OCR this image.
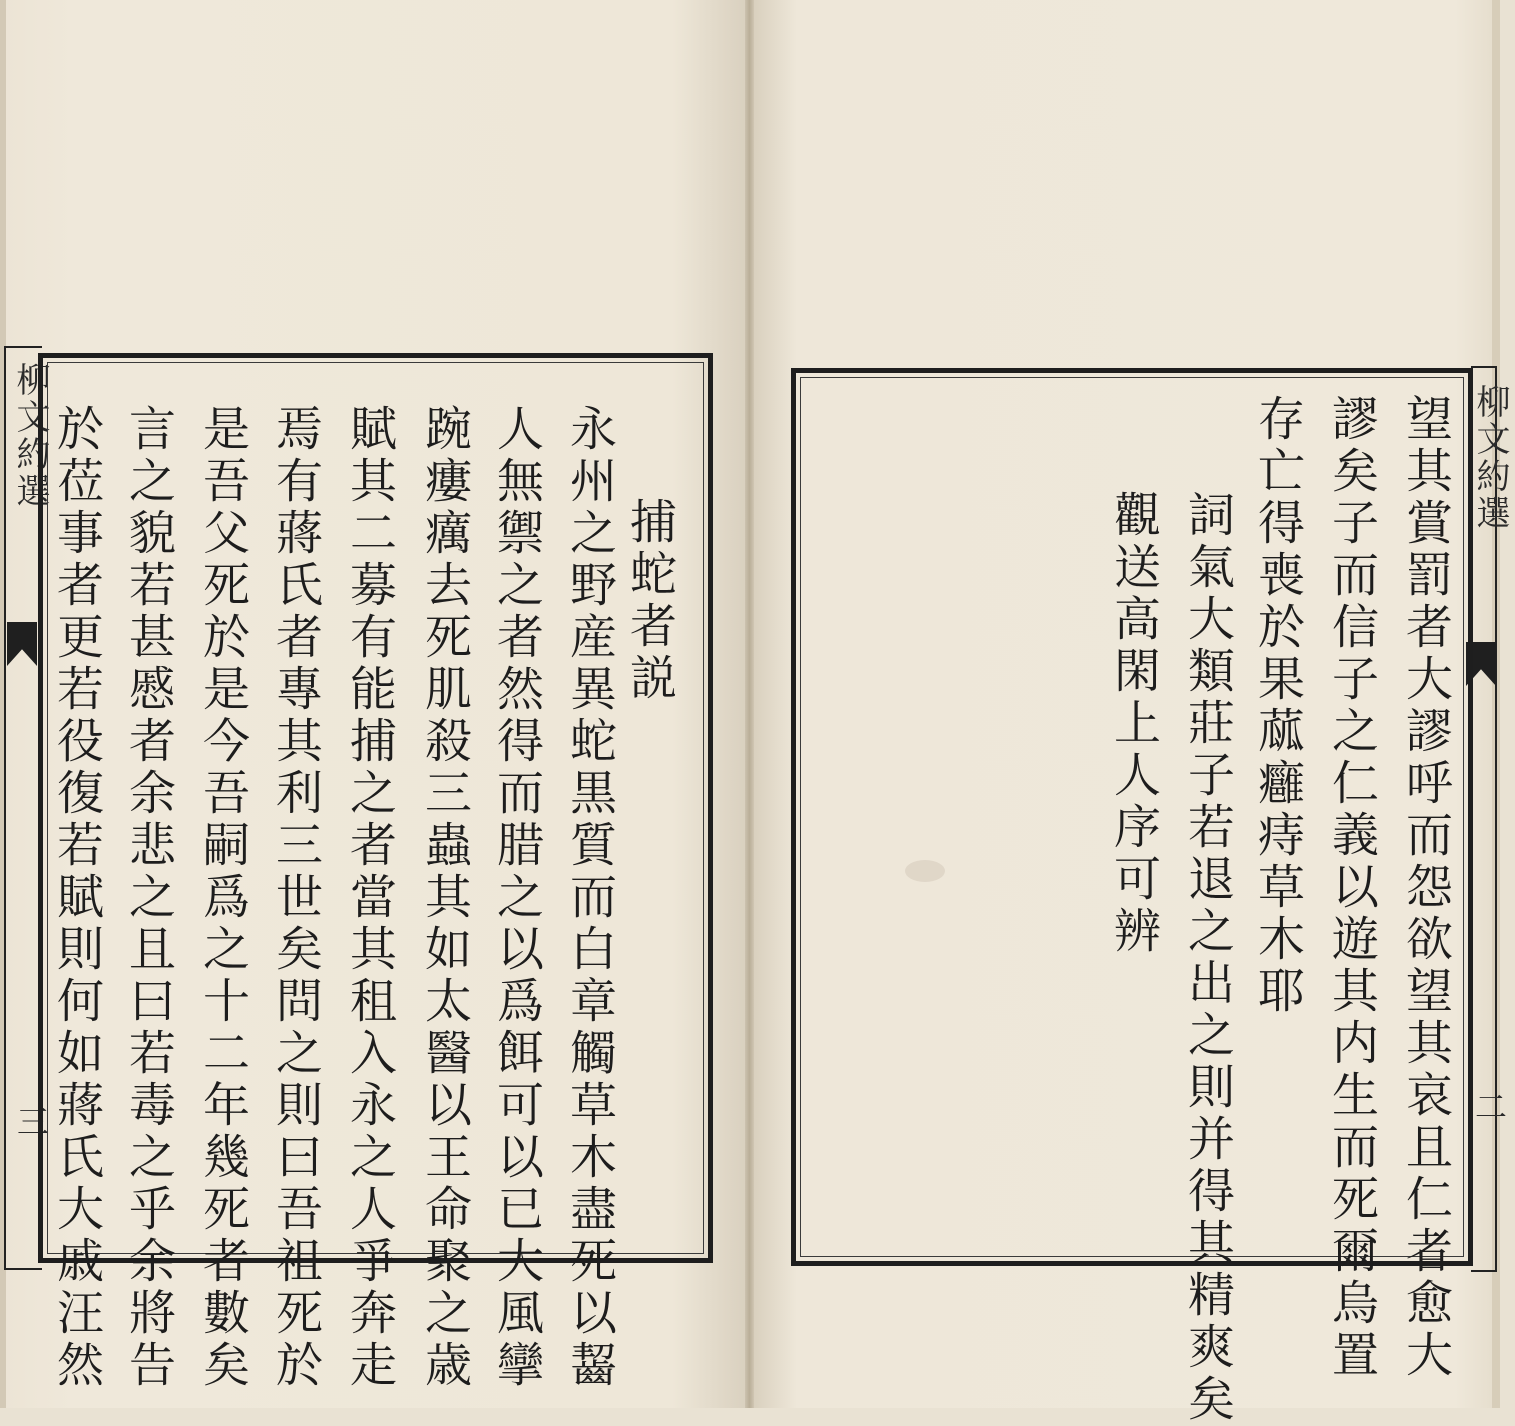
柳文約選
三

捕蛇者説

永州之野産異蛇黒質而白章觸草木盡死以齧

人無禦之者然得而腊之以爲餌可以已大風攣

踠瘻癘去死肌殺三蟲其如太醫以王命聚之歳

賦其二募有能捕之者當其租入永之人爭奔走

焉有蔣氏者專其利三世矣問之則曰吾祖死於

是吾父死於是今吾嗣爲之十二年幾死者數矣

言之貌若甚慼者余悲之且曰若毒之乎余將告

於莅事者更若役復若賦則何如蔣氏大戚汪然	柳文約選
二

望其賞罰者大謬呼而怨欲望其哀且仁者愈大

謬矣子而信子之仁義以遊其内生而死爾烏置

存亡得喪於果蓏癰痔草木耶

詞氣大類莊子若退之出之則并得其精爽矣

觀送高閑上人序可辨
